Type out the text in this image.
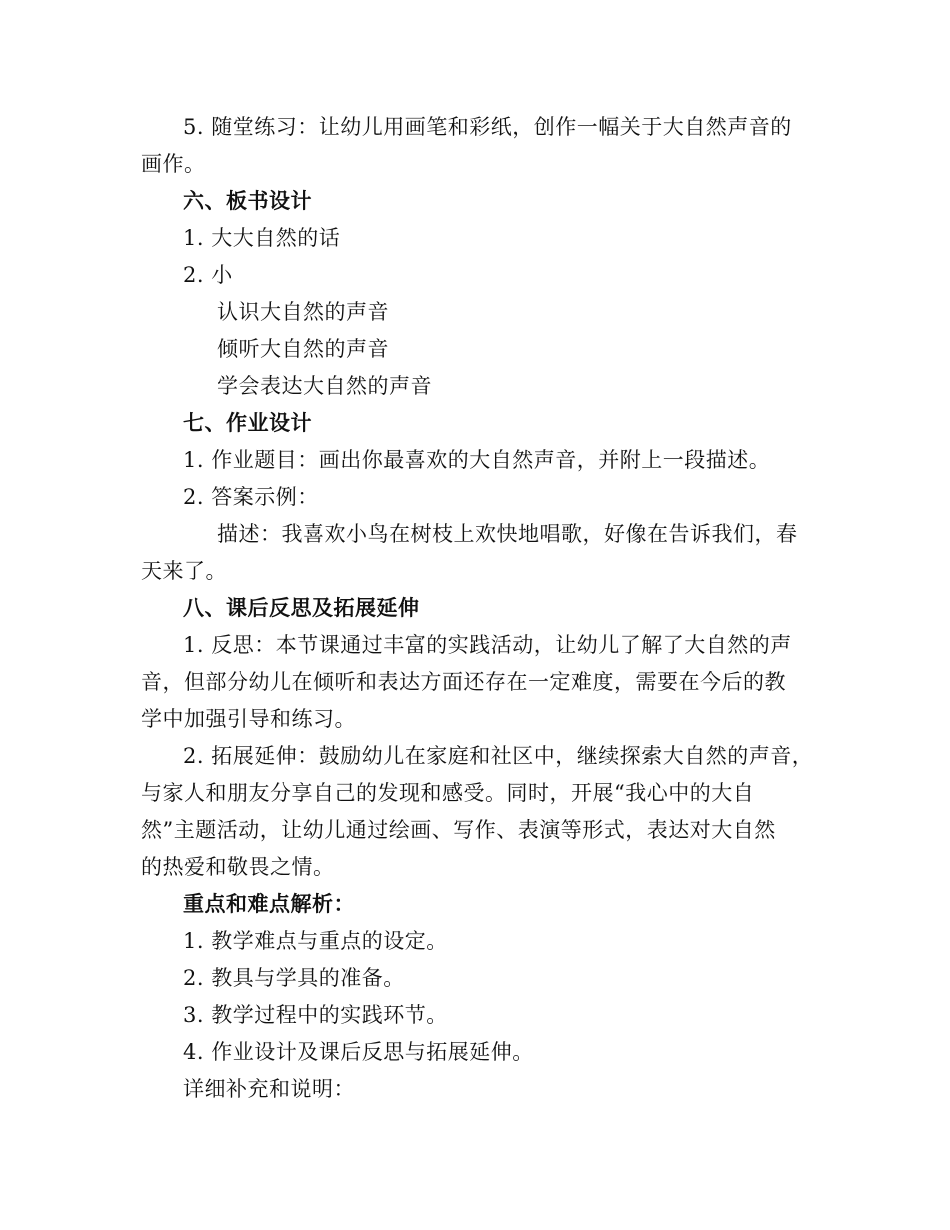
5. 随堂练习：让幼儿用画笔和彩纸，创作一幅关于大自然声音的
画作。
六、板书设计
1. 大大自然的话
2. 小
认识大自然的声音
倾听大自然的声音
学会表达大自然的声音
七、作业设计
1. 作业题目：画出你最喜欢的大自然声音，并附上一段描述。
2. 答案示例：
描述：我喜欢小鸟在树枝上欢快地唱歌，好像在告诉我们，春
天来了。
八、课后反思及拓展延伸
1. 反思：本节课通过丰富的实践活动，让幼儿了解了大自然的声
音，但部分幼儿在倾听和表达方面还存在一定难度，需要在今后的教
学中加强引导和练习。
2. 拓展延伸：鼓励幼儿在家庭和社区中，继续探索大自然的声音，
与家人和朋友分享自己的发现和感受。同时，开展“我心中的大自
然”主题活动，让幼儿通过绘画、写作、表演等形式，表达对大自然
的热爱和敬畏之情。
重点和难点解析：
1. 教学难点与重点的设定。
2. 教具与学具的准备。
3. 教学过程中的实践环节。
4. 作业设计及课后反思与拓展延伸。
详细补充和说明：
